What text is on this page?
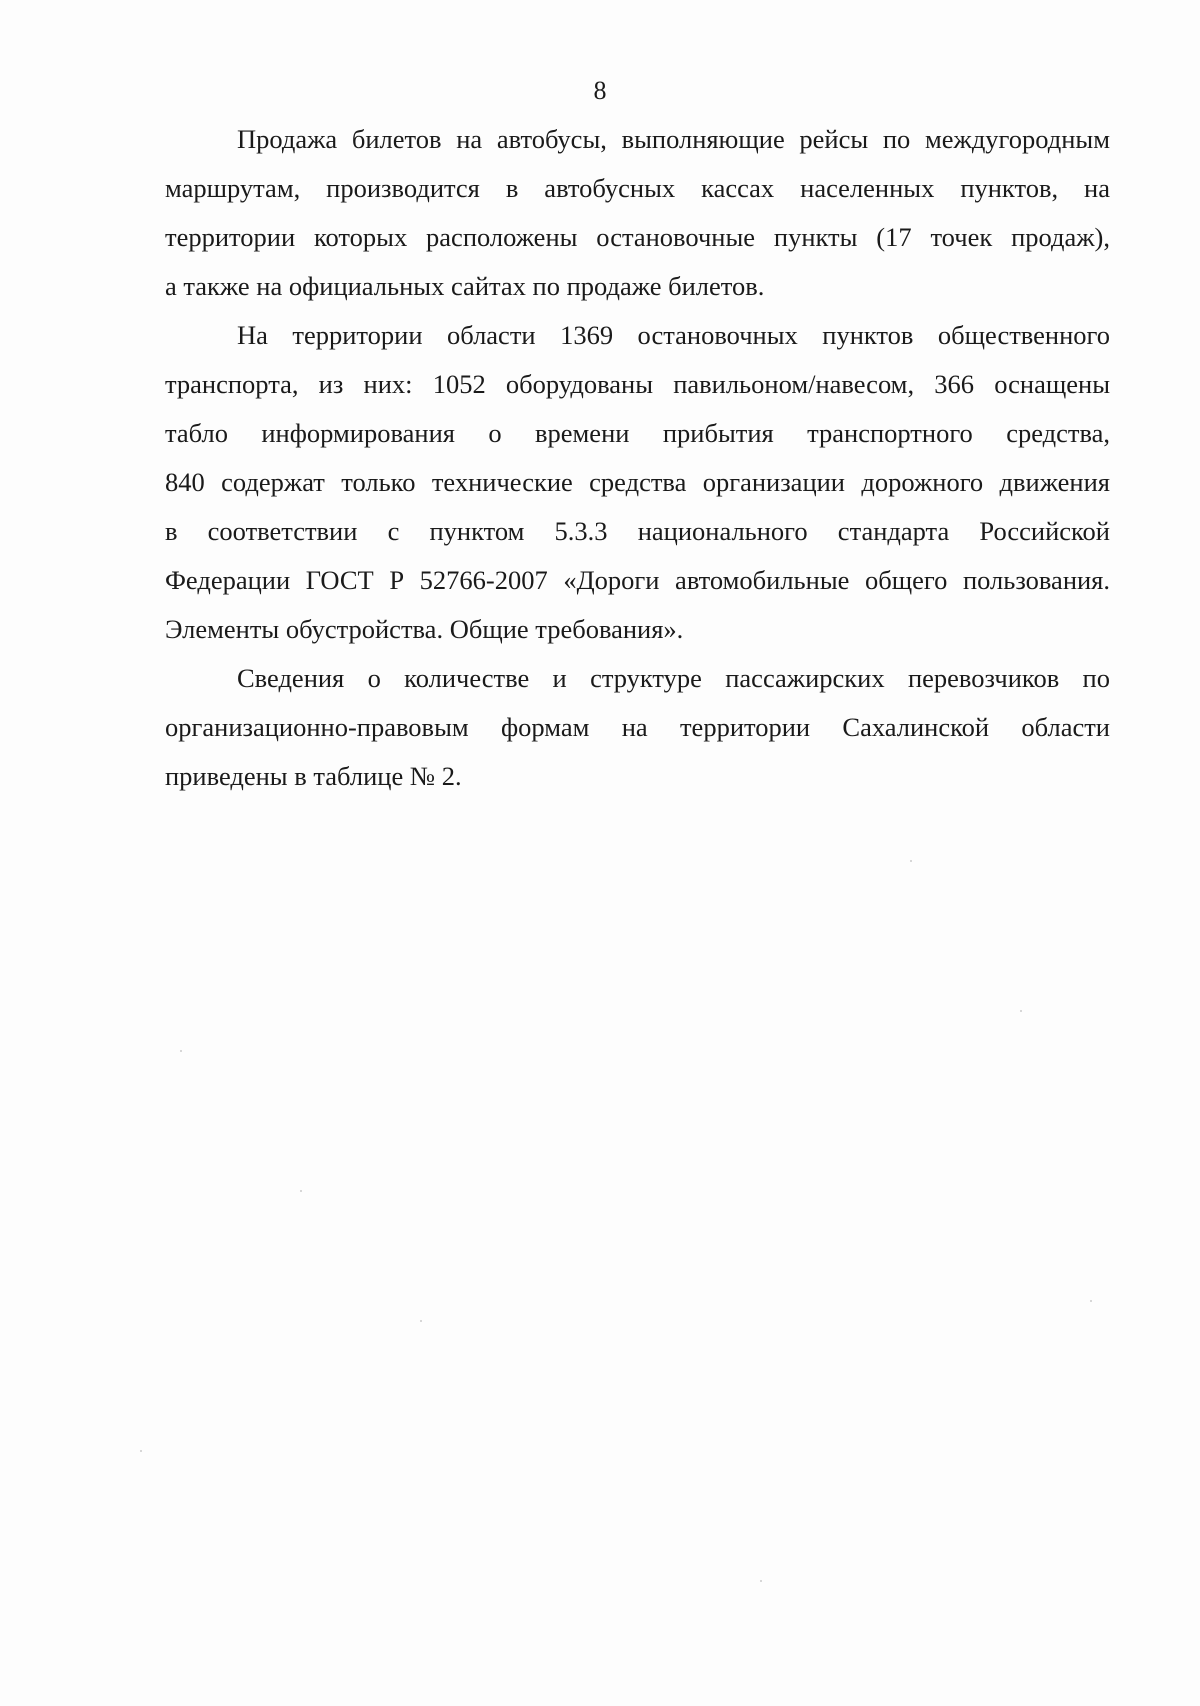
8
Продажа билетов на автобусы, выполняющие рейсы по междугородным
маршрутам, производится в автобусных кассах населенных пунктов, на
территории которых расположены остановочные пункты (17 точек продаж),
а также на официальных сайтах по продаже билетов.
На территории области 1369 остановочных пунктов общественного
транспорта, из них: 1052 оборудованы павильоном/навесом, 366 оснащены
табло информирования о времени прибытия транспортного средства,
840 содержат только технические средства организации дорожного движения
в соответствии с пунктом 5.3.3 национального стандарта Российской
Федерации ГОСТ Р 52766-2007 «Дороги автомобильные общего пользования.
Элементы обустройства. Общие требования».
Сведения о количестве и структуре пассажирских перевозчиков по
организационно-правовым формам на территории Сахалинской области
приведены в таблице № 2.
